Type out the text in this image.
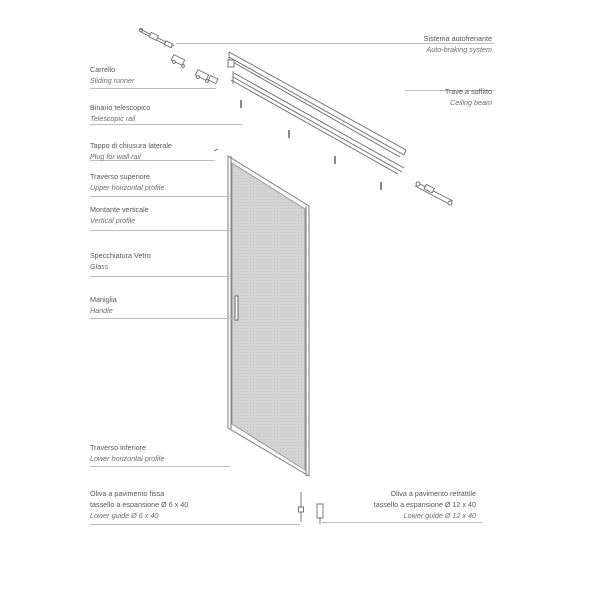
Sistema autofrenante
Auto-braking system
Trave a soffitto
Ceiling beam
Carrello
Sliding runner
Binario telescopico
Telescopic rail
Tappo di chiusura laterale
Plug for wall rail
Traverso superiore
Upper horizontal profile
Montante verticale
Vertical profile
Specchiatura Vetro
Glass
Maniglia
Handle
Traverso inferiore
Lower horizontal profile
Oliva a pavimento fissa
tassello a espansione Ø 6 x 40
Lower guide Ø 6 x 40
Oliva a pavimento retrattile
tassello a espansione Ø 12 x 40
Lower guide Ø 12 x 40
